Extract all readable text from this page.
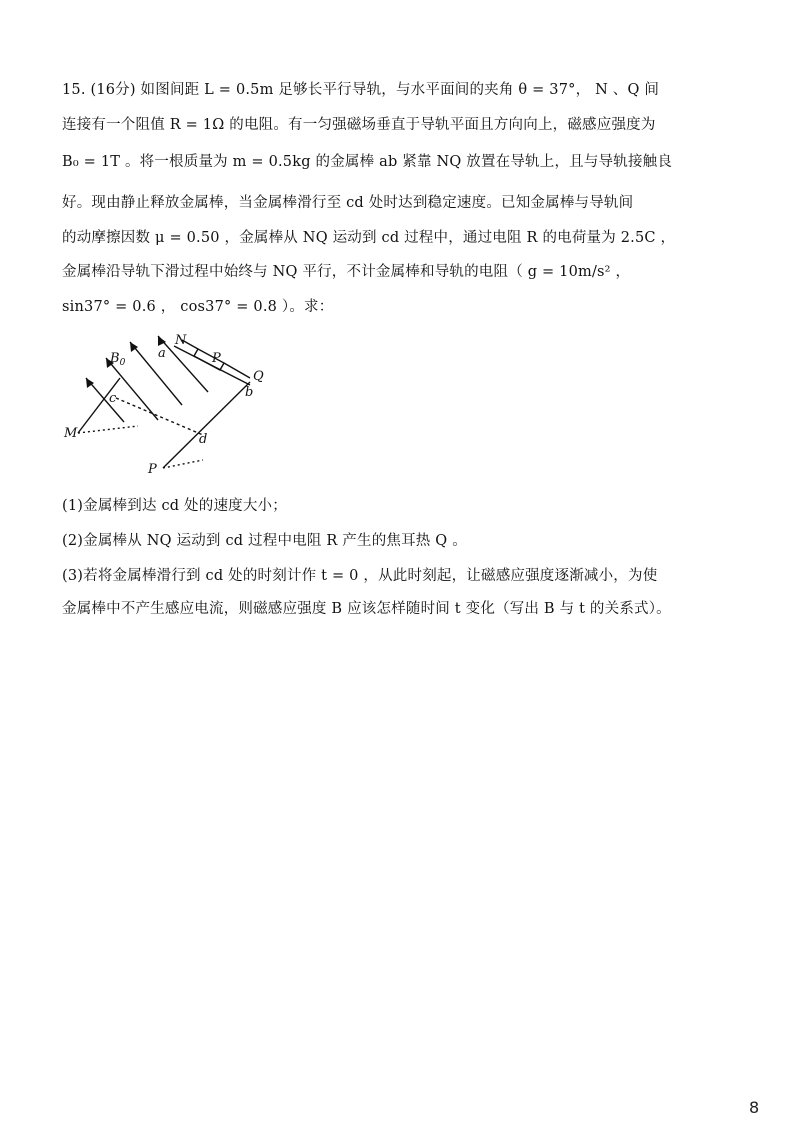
15. (16分) 如图间距 L = 0.5m 足够长平行导轨，与水平面间的夹角 θ = 37°， N 、Q 间
连接有一个阻值 R = 1Ω 的电阻。有一匀强磁场垂直于导轨平面且方向向上，磁感应强度为
B₀ = 1T 。将一根质量为 m = 0.5kg 的金属棒 ab 紧靠 NQ 放置在导轨上，且与导轨接触良
好。现由静止释放金属棒，当金属棒滑行至 cd 处时达到稳定速度。已知金属棒与导轨间
的动摩擦因数 μ = 0.50 ，金属棒从 NQ 运动到 cd 过程中，通过电阻 R 的电荷量为 2.5C ，
金属棒沿导轨下滑过程中始终与 NQ 平行，不计金属棒和导轨的电阻（ g = 10m/s² ，
sin37° = 0.6 ， cos37° = 0.8 ）。求：
N
P
Q
a
b
c
d
M
P
$B_0$
(1)金属棒到达 cd 处的速度大小；
(2)金属棒从 NQ 运动到 cd 过程中电阻 R 产生的焦耳热 Q 。
(3)若将金属棒滑行到 cd 处的时刻计作 t = 0 ，从此时刻起，让磁感应强度逐渐减小，为使
金属棒中不产生感应电流，则磁感应强度 B 应该怎样随时间 t 变化（写出 B 与 t 的关系式）。
8
